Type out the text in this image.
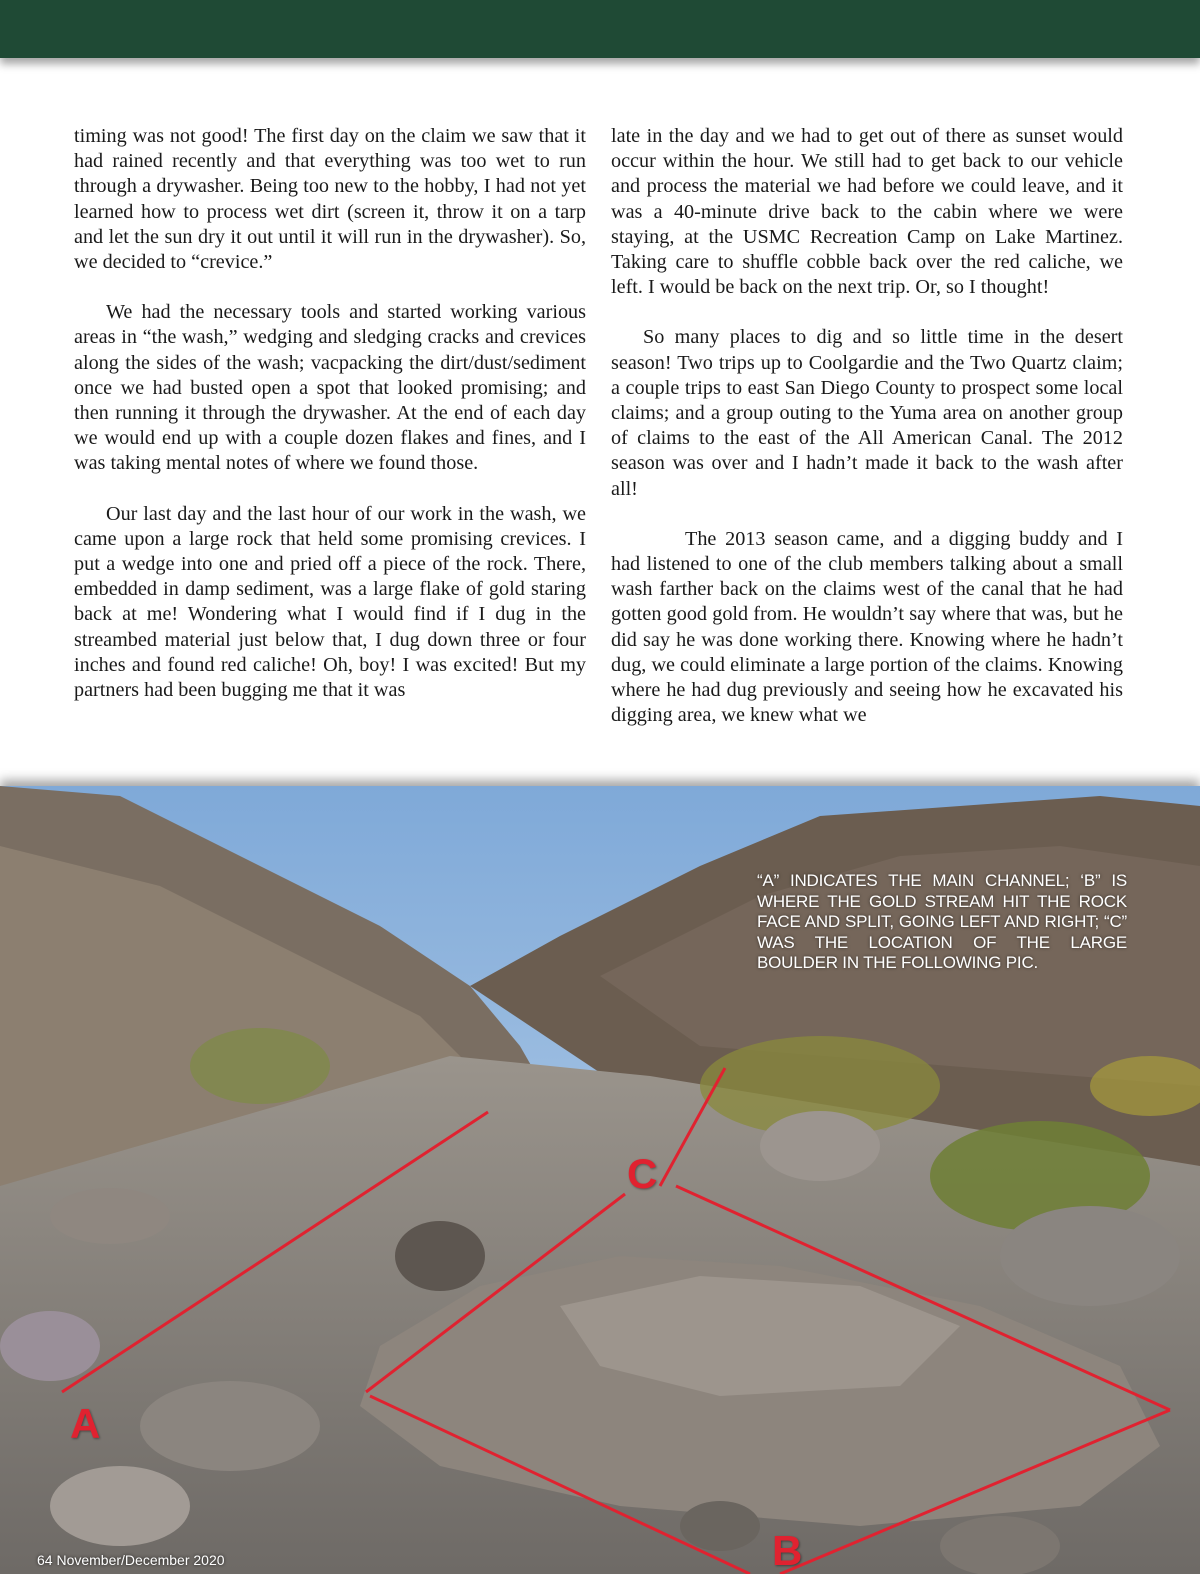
timing was not good! The first day on the claim we saw that it had rained recently and that everything was too wet to run through a drywasher. Being too new to the hobby, I had not yet learned how to process wet dirt (screen it, throw it on a tarp and let the sun dry it out until it will run in the drywasher). So, we decided to “crevice.”

We had the necessary tools and started working various areas in “the wash,” wedging and sledging cracks and crevices along the sides of the wash; vacpacking the dirt/dust/sediment once we had busted open a spot that looked promising; and then running it through the drywasher. At the end of each day we would end up with a couple dozen flakes and fines, and I was taking mental notes of where we found those.

Our last day and the last hour of our work in the wash, we came upon a large rock that held some promising crevices. I put a wedge into one and pried off a piece of the rock. There, embedded in damp sediment, was a large flake of gold staring back at me! Wondering what I would find if I dug in the streambed material just below that, I dug down three or four inches and found red caliche! Oh, boy! I was excited! But my partners had been bugging me that it was

late in the day and we had to get out of there as sunset would occur within the hour. We still had to get back to our vehicle and process the material we had before we could leave, and it was a 40-minute drive back to the cabin where we were staying, at the USMC Recreation Camp on Lake Martinez. Taking care to shuffle cobble back over the red caliche, we left. I would be back on the next trip. Or, so I thought!

So many places to dig and so little time in the desert season! Two trips up to Coolgardie and the Two Quartz claim; a couple trips to east San Diego County to prospect some local claims; and a group outing to the Yuma area on another group of claims to the east of the All American Canal. The 2012 season was over and I hadn’t made it back to the wash after all!

The 2013 season came, and a digging buddy and I had listened to one of the club members talking about a small wash farther back on the claims west of the canal that he had gotten good gold from. He wouldn’t say where that was, but he did say he was done working there. Knowing where he hadn’t dug, we could eliminate a large portion of the claims. Knowing where he had dug previously and seeing how he excavated his digging area, we knew what we

A
C
B
“A” INDICATES THE MAIN CHANNEL; ‘B” IS WHERE THE GOLD STREAM HIT THE ROCK FACE AND SPLIT, GOING LEFT AND RIGHT; “C” WAS THE LOCATION OF THE LARGE BOULDER IN THE FOLLOWING PIC.
64 November/December 2020
